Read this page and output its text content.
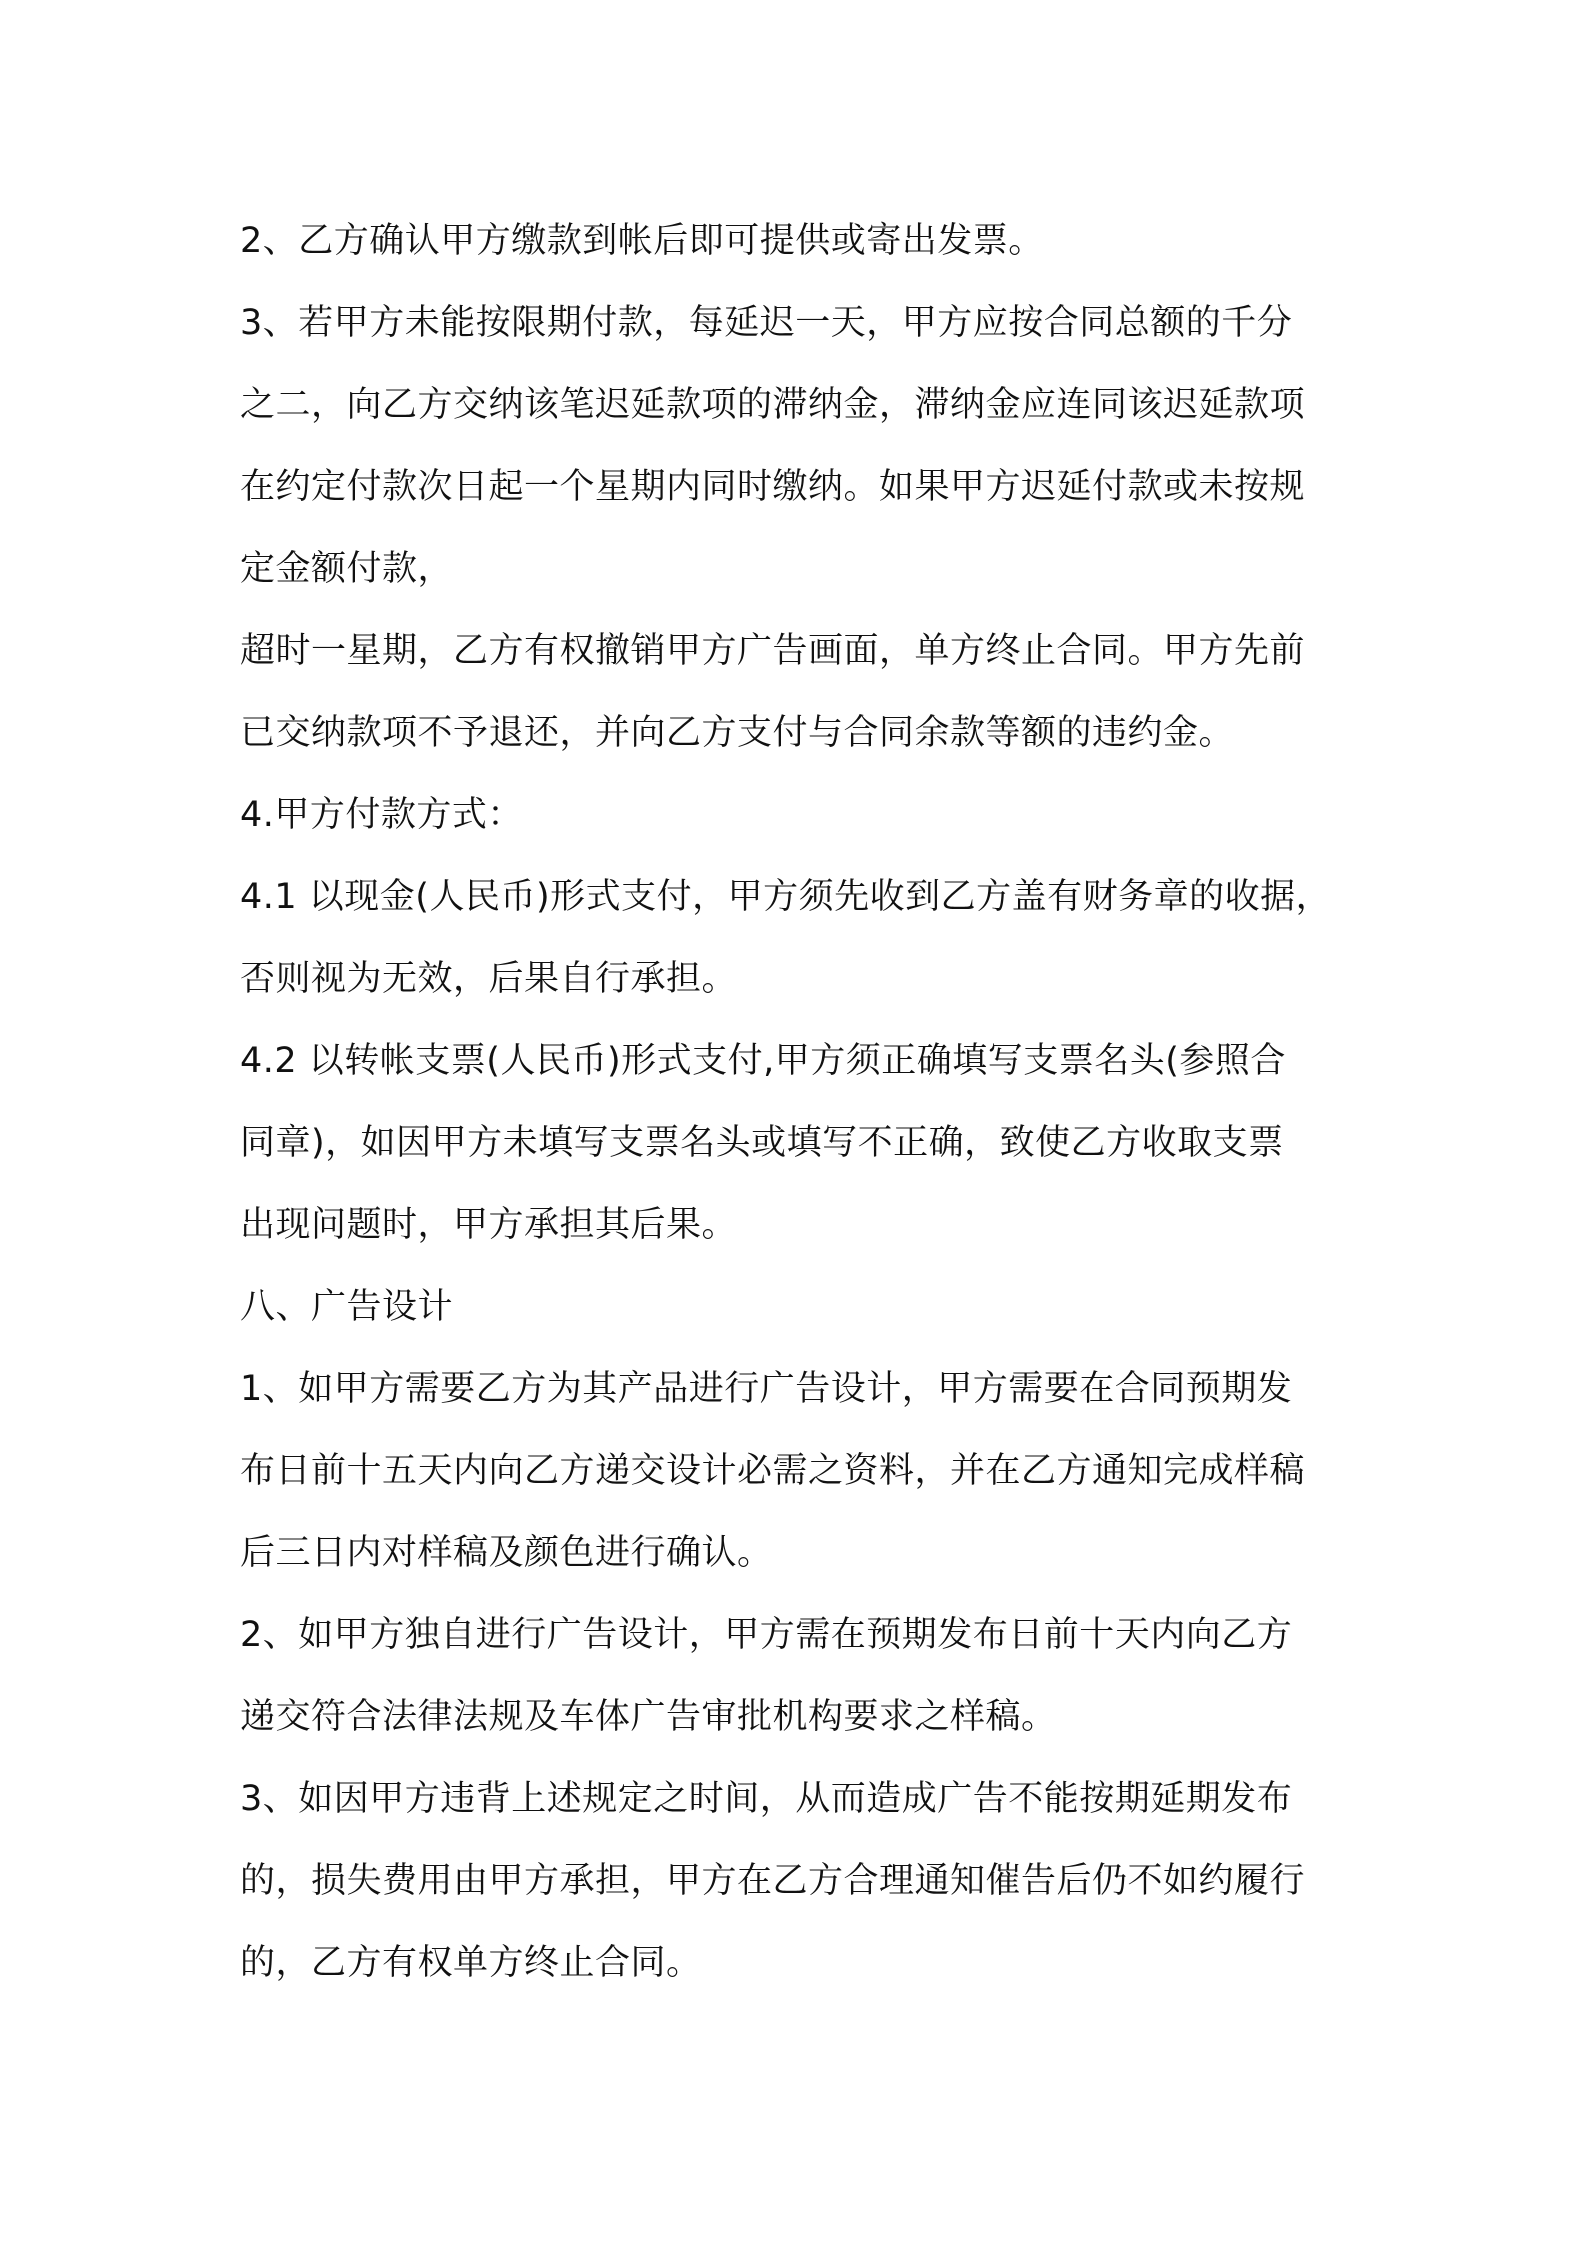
2、乙方确认甲方缴款到帐后即可提供或寄出发票。

3、若甲方未能按限期付款，每延迟一天，甲方应按合同总额的千分
之二，向乙方交纳该笔迟延款项的滞纳金，滞纳金应连同该迟延款项
在约定付款次日起一个星期内同时缴纳。如果甲方迟延付款或未按规
定金额付款，

超时一星期，乙方有权撤销甲方广告画面，单方终止合同。甲方先前
已交纳款项不予退还，并向乙方支付与合同余款等额的违约金。

4.甲方付款方式：

4.1 以现金(人民币)形式支付，甲方须先收到乙方盖有财务章的收据，
否则视为无效，后果自行承担。

4.2 以转帐支票(人民币)形式支付,甲方须正确填写支票名头(参照合
同章)，如因甲方未填写支票名头或填写不正确，致使乙方收取支票
出现问题时，甲方承担其后果。

八、广告设计

1、如甲方需要乙方为其产品进行广告设计，甲方需要在合同预期发
布日前十五天内向乙方递交设计必需之资料，并在乙方通知完成样稿
后三日内对样稿及颜色进行确认。

2、如甲方独自进行广告设计，甲方需在预期发布日前十天内向乙方
递交符合法律法规及车体广告审批机构要求之样稿。

3、如因甲方违背上述规定之时间，从而造成广告不能按期延期发布
的，损失费用由甲方承担，甲方在乙方合理通知催告后仍不如约履行
的，乙方有权单方终止合同。
